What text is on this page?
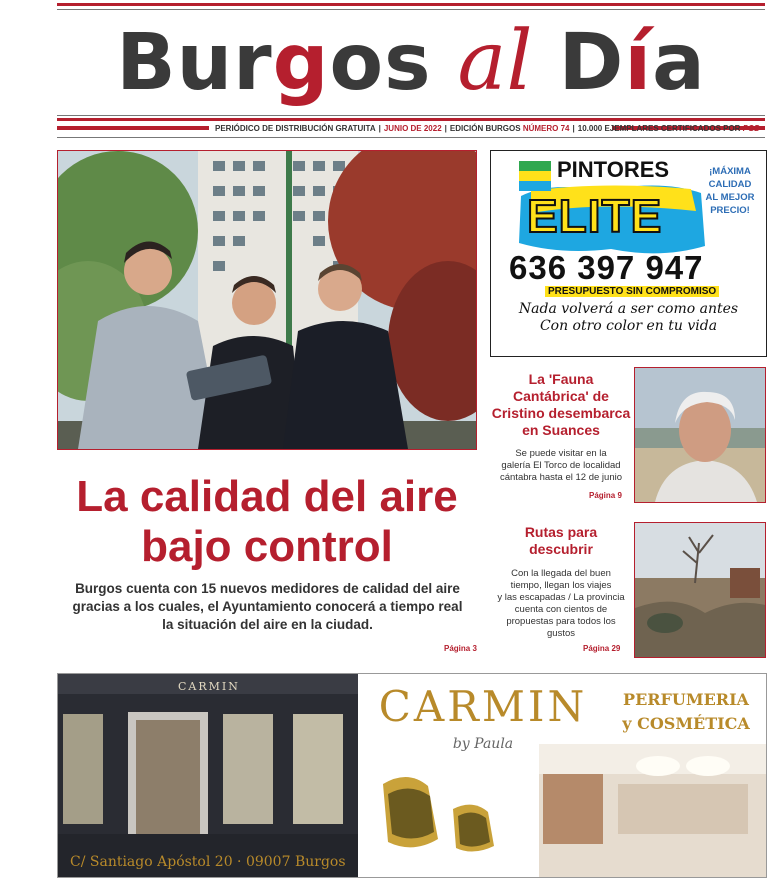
Burgos al Día
PERIÓDICO DE DISTRIBUCIÓN GRATUITA | JUNIO DE 2022 | EDICIÓN BURGOS NÚMERO 74 | 10.000 EJEMPLARES CERTIFICADOS POR PGD
La calidad del aire
bajo control
Burgos cuenta con 15 nuevos medidores de calidad del aire
gracias a los cuales, el Ayuntamiento conocerá a tiempo real
la situación del aire en la ciudad.
Página 3
PINTORES
ELITE
¡MÁXIMA
CALIDAD
AL MEJOR
PRECIO!
636 397 947
PRESUPUESTO SIN COMPROMISO
Nada volverá a ser como antes
Con otro color en tu vida
La 'Fauna
Cantábrica' de
Cristino desembarca
en Suances
Se puede visitar en la
galería El Torco de localidad
cántabra hasta el 12 de junio
Página 9
Rutas para
descubrir
Con la llegada del buen
tiempo, llegan los viajes
y las escapadas / La provincia
cuenta con cientos de
propuestas para todos los
gustos
Página 29
CARMIN	CARMIN
by Paula
PERFUMERIA
y COSMÉTICA
C/ Santiago Apóstol 20 · 09007 Burgos
